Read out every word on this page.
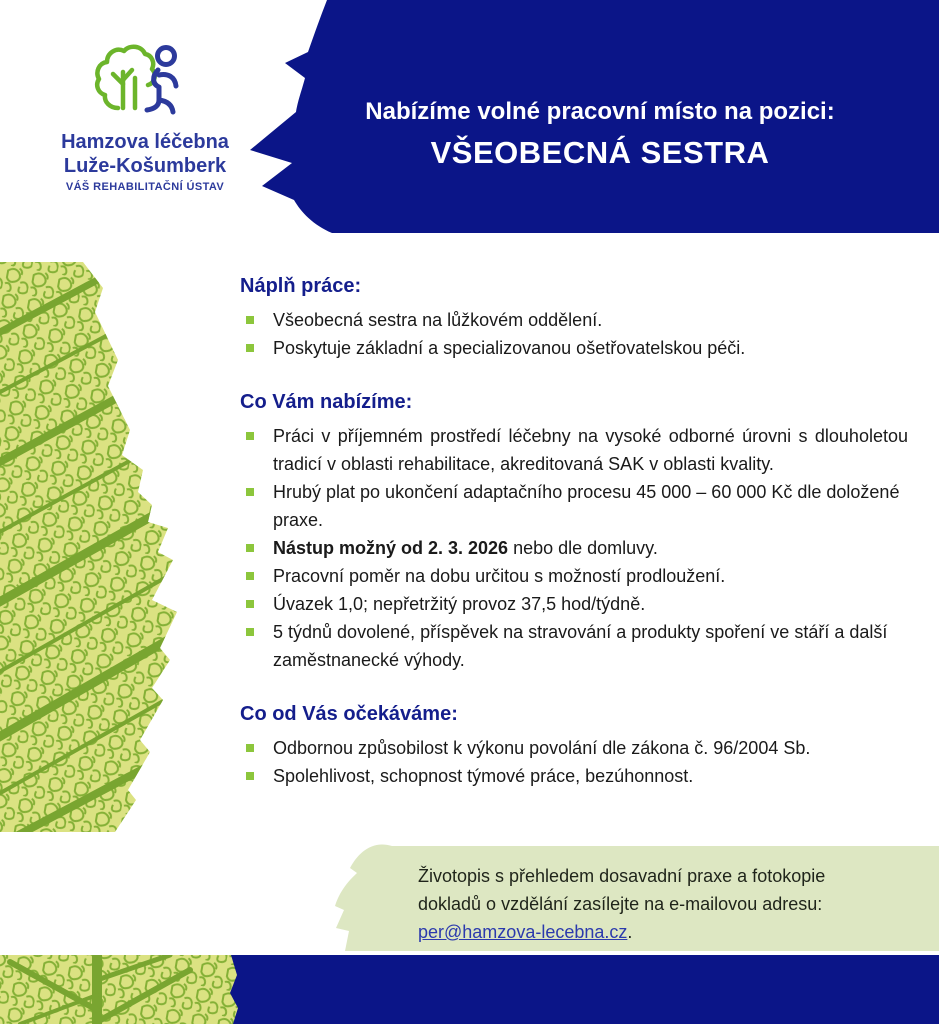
Nabízíme volné pracovní místo na pozici:
VŠEOBECNÁ SESTRA
Hamzova léčebna
Luže-Košumberk
VÁŠ REHABILITAČNÍ ÚSTAV
Náplň práce:
Všeobecná sestra na lůžkovém oddělení.
Poskytuje základní a specializovanou ošetřovatelskou péči.
Co Vám nabízíme:
Práci v příjemném prostředí léčebny na vysoké odborné úrovni s dlouholetou tradicí v oblasti rehabilitace, akreditovaná SAK v oblasti kvality.
Hrubý plat po ukončení adaptačního procesu 45 000 – 60 000 Kč dle doložené praxe.
Nástup možný od 2. 3. 2026 nebo dle domluvy.
Pracovní poměr na dobu určitou s možností prodloužení.
Úvazek 1,0; nepřetržitý provoz 37,5 hod/týdně.
5 týdnů dovolené, příspěvek na stravování a produkty spoření ve stáří a další zaměstnanecké výhody.
Co od Vás očekáváme:
Odbornou způsobilost k výkonu povolání dle zákona č. 96/2004 Sb.
Spolehlivost, schopnost týmové práce, bezúhonnost.
Životopis s přehledem dosavadní praxe a fotokopie dokladů o vzdělání zasílejte na e-mailovou adresu: per@hamzova-lecebna.cz.
